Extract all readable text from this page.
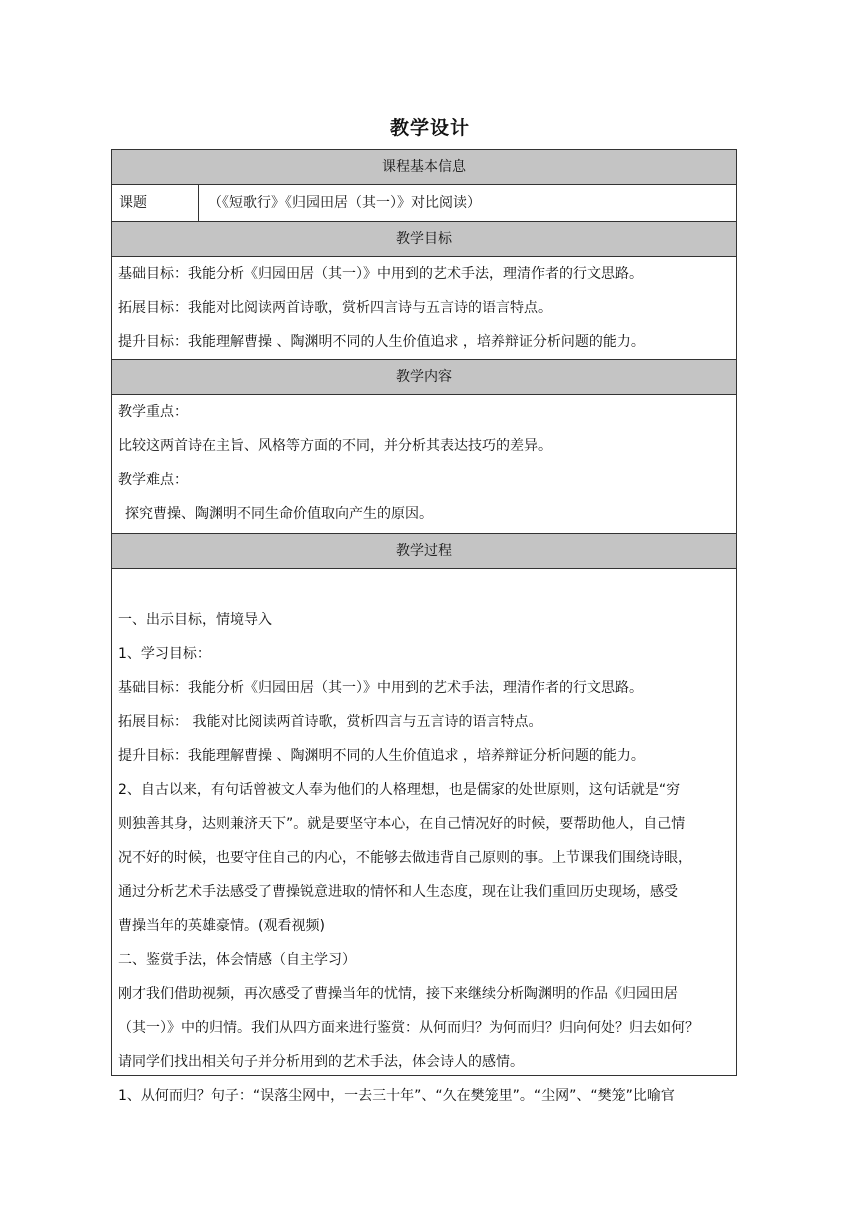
教学设计
课程基本信息
课题	（《短歌行》《归园田居（其一）》对比阅读）
教学目标

基础目标：我能分析《归园田居（其一）》中用到的艺术手法，理清作者的行文思路。

拓展目标：我能对比阅读两首诗歌，赏析四言诗与五言诗的语言特点。

提升目标：我能理解曹操 、陶渊明不同的人生价值追求 ，培养辩证分析问题的能力。

教学内容

教学重点：

比较这两首诗在主旨、风格等方面的不同，并分析其表达技巧的差异。

教学难点：

探究曹操、陶渊明不同生命价值取向产生的原因。

教学过程

一、出示目标，情境导入

1、学习目标：

基础目标：我能分析《归园田居（其一）》中用到的艺术手法，理清作者的行文思路。

拓展目标： 我能对比阅读两首诗歌，赏析四言与五言诗的语言特点。

提升目标：我能理解曹操 、陶渊明不同的人生价值追求 ，培养辩证分析问题的能力。

2、自古以来，有句话曾被文人奉为他们的人格理想，也是儒家的处世原则，这句话就是“穷

则独善其身，达则兼济天下”。就是要坚守本心，在自己情况好的时候，要帮助他人，自己情

况不好的时候，也要守住自己的内心，不能够去做违背自己原则的事。上节课我们围绕诗眼，

通过分析艺术手法感受了曹操锐意进取的情怀和人生态度，现在让我们重回历史现场，感受

曹操当年的英雄豪情。(观看视频)

二、鉴赏手法，体会情感（自主学习）

刚才我们借助视频，再次感受了曹操当年的忧情，接下来继续分析陶渊明的作品《归园田居

（其一）》中的归情。我们从四方面来进行鉴赏：从何而归？为何而归？归向何处？归去如何？

请同学们找出相关句子并分析用到的艺术手法，体会诗人的感情。

1、从何而归？句子：“误落尘网中，一去三十年”、“久在樊笼里”。“尘网”、“樊笼”比喻官
